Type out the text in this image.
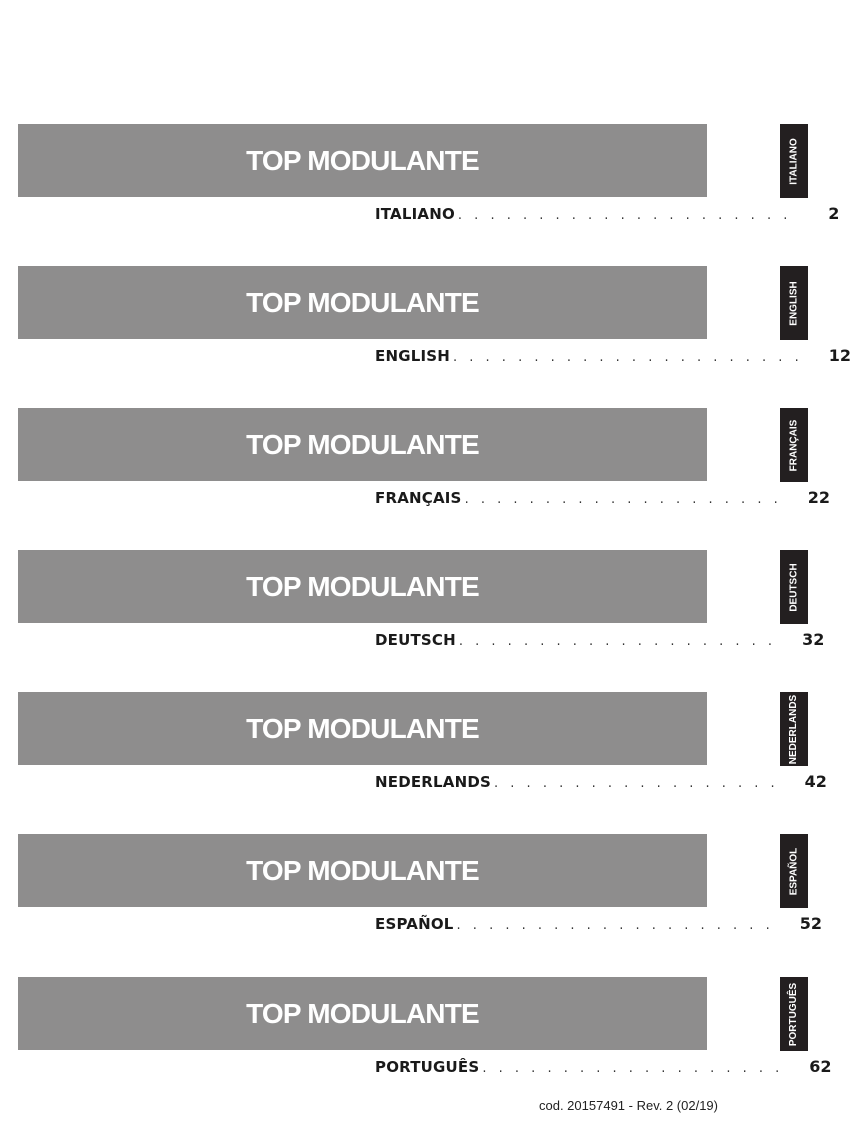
TOP MODULANTE
ITALIANO . . . . . . . . . . . . . . . . . . . . .	2
ITALIANO
TOP MODULANTE
ENGLISH . . . . . . . . . . . . . . . . . . . . . . 12
ENGLISH
TOP MODULANTE
FRANÇAIS . . . . . . . . . . . . . . . . . . . . 22
FRANÇAIS
TOP MODULANTE
DEUTSCH . . . . . . . . . . . . . . . . . . . . 32
DEUTSCH
TOP MODULANTE
NEDERLANDS . . . . . . . . . . . . . . . . . . 42
NEDERLANDS
TOP MODULANTE
ESPAÑOL . . . . . . . . . . . . . . . . . . . . 52
ESPAÑOL
TOP MODULANTE
PORTUGUÊS . . . . . . . . . . . . . . . . . . . 62
PORTUGUÊS
cod. 20157491 - Rev. 2 (02/19)
